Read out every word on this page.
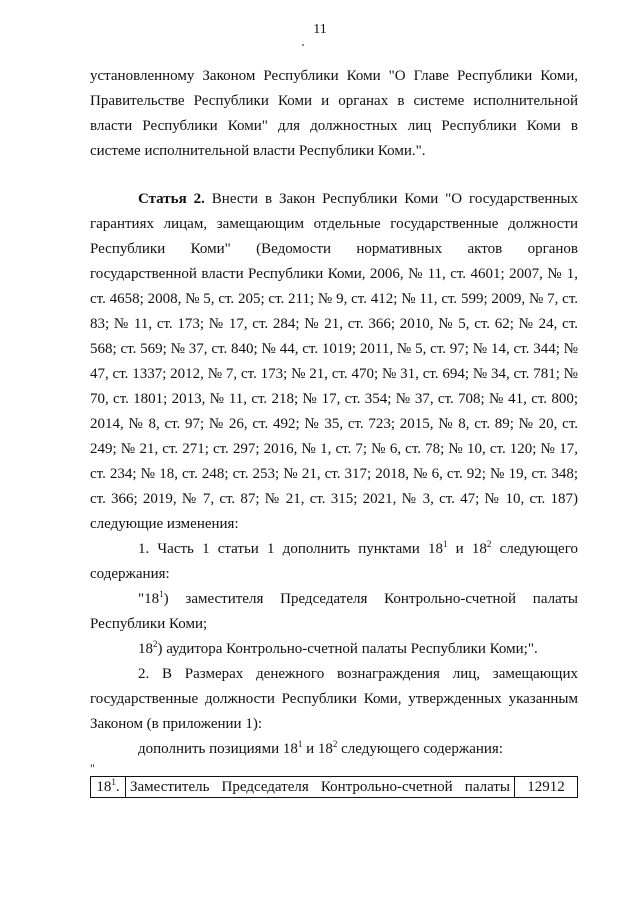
11

установленному Законом Республики Коми "О Главе Республики Коми, Правительстве Республики Коми и органах в системе исполнительной власти Республики Коми" для должностных лиц Республики Коми в системе исполнительной власти Республики Коми.".

Статья 2. Внести в Закон Республики Коми "О государственных гарантиях лицам, замещающим отдельные государственные должности Республики Коми" (Ведомости нормативных актов органов государственной власти Республики Коми, 2006, № 11, ст. 4601; 2007, № 1, ст. 4658; 2008, № 5, ст. 205; ст. 211; № 9, ст. 412; № 11, ст. 599; 2009, № 7, ст. 83; № 11, ст. 173; № 17, ст. 284; № 21, ст. 366; 2010, № 5, ст. 62; № 24, ст. 568; ст. 569; № 37, ст. 840; № 44, ст. 1019; 2011, № 5, ст. 97; № 14, ст. 344; № 47, ст. 1337; 2012, № 7, ст. 173; № 21, ст. 470; № 31, ст. 694; № 34, ст. 781; № 70, ст. 1801; 2013, № 11, ст. 218; № 17, ст. 354; № 37, ст. 708; № 41, ст. 800; 2014, № 8, ст. 97; № 26, ст. 492; № 35, ст. 723; 2015, № 8, ст. 89; № 20, ст. 249; № 21, ст. 271; ст. 297; 2016, № 1, ст. 7; № 6, ст. 78; № 10, ст. 120; № 17, ст. 234; № 18, ст. 248; ст. 253; № 21, ст. 317; 2018, № 6, ст. 92; № 19, ст. 348; ст. 366; 2019, № 7, ст. 87; № 21, ст. 315; 2021, № 3, ст. 47; № 10, ст. 187) следующие изменения:

1. Часть 1 статьи 1 дополнить пунктами $18^1$ и $18^2$ следующего содержания:

"$18^1$) заместителя Председателя Контрольно-счетной палаты Республики Коми;

$18^2$) аудитора Контрольно-счетной палаты Республики Коми;".

2. В Размерах денежного вознаграждения лиц, замещающих государственные должности Республики Коми, утвержденных указанным Законом (в приложении 1):

дополнить позициями $18^1$ и $18^2$ следующего содержания:

"

$18^1$.	Заместитель Председателя Контрольно-счетной палаты	12912
